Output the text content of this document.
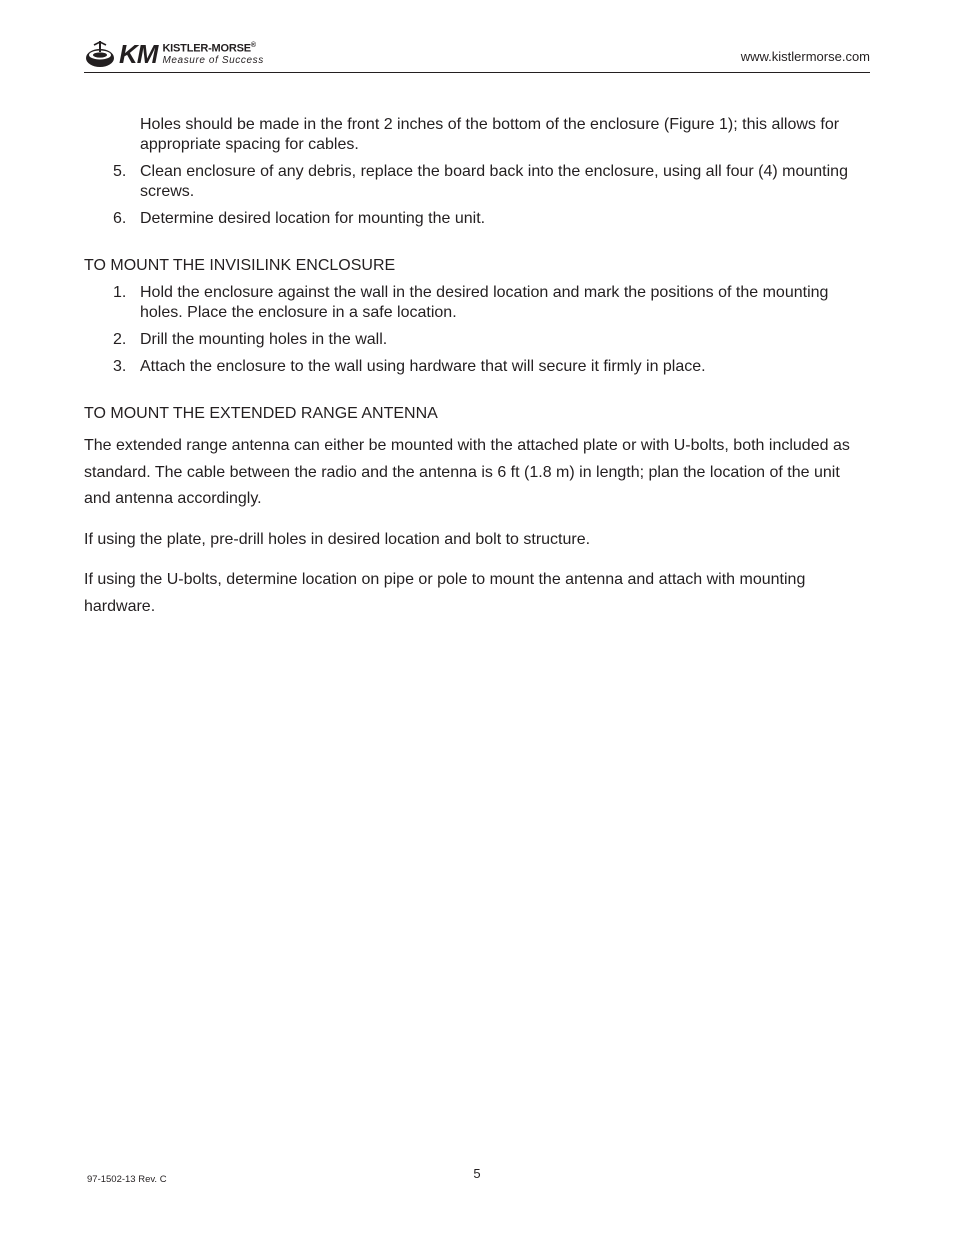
KM KISTLER-MORSE®
Measure of Success	www.kistlermorse.com

Holes should be made in the front 2 inches of the bottom of the enclosure (Figure 1); this allows for appropriate spacing for cables.

5. Clean enclosure of any debris, replace the board back into the enclosure, using all four (4) mounting screws.
6. Determine desired location for mounting the unit.
TO MOUNT THE INVISILINK ENCLOSURE
1. Hold the enclosure against the wall in the desired location and mark the positions of the mounting holes. Place the enclosure in a safe location.
2. Drill the mounting holes in the wall.
3. Attach the enclosure to the wall using hardware that will secure it firmly in place.
TO MOUNT THE EXTENDED RANGE ANTENNA

The extended range antenna can either be mounted with the attached plate or with U-bolts, both included as standard. The cable between the radio and the antenna is 6 ft (1.8 m) in length; plan the location of the unit and antenna accordingly.

If using the plate, pre-drill holes in desired location and bolt to structure.

If using the U-bolts, determine location on pipe or pole to mount the antenna and attach with mounting hardware.

97-1502-13 Rev. C	5
